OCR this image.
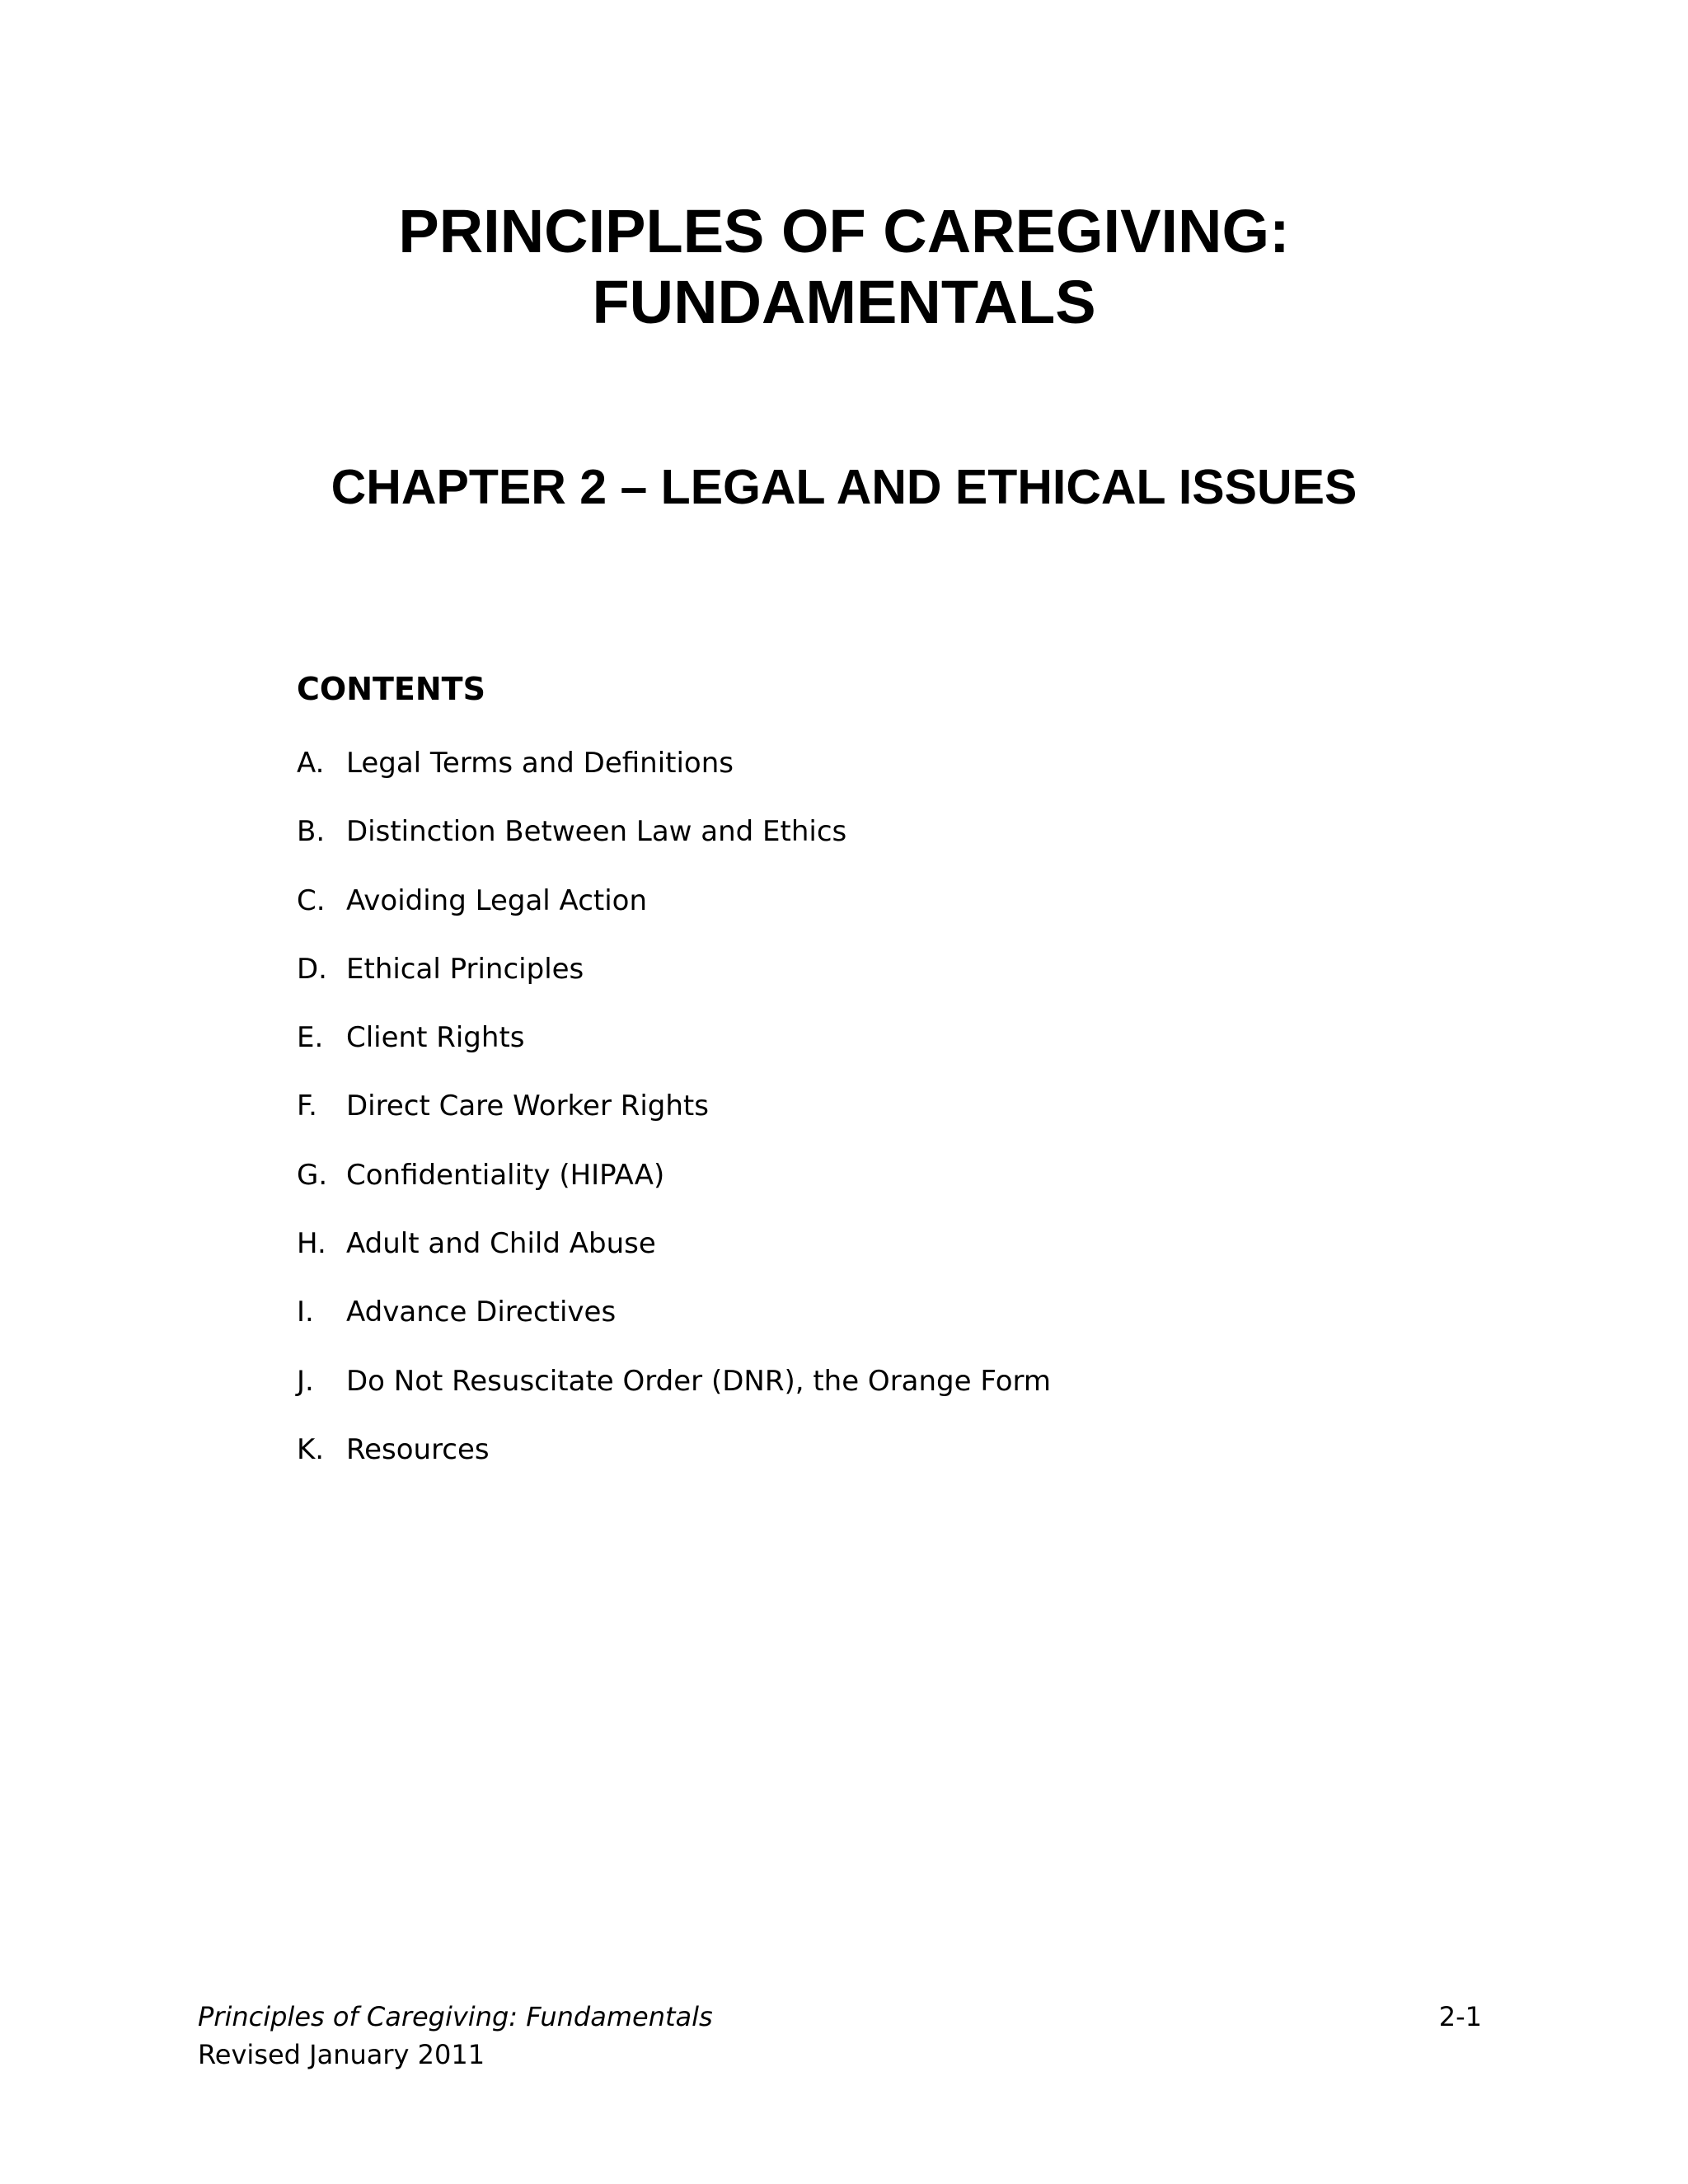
PRINCIPLES OF CAREGIVING:
FUNDAMENTALS
CHAPTER 2 – LEGAL AND ETHICAL ISSUES
CONTENTS
A. Legal Terms and Definitions
B. Distinction Between Law and Ethics
C. Avoiding Legal Action
D. Ethical Principles
E. Client Rights
F.	Direct Care Worker Rights
G. Confidentiality (HIPAA)
H. Adult and Child Abuse
I.	Advance Directives
J.	Do Not Resuscitate Order (DNR), the Orange Form
K. Resources
Principles of Caregiving: Fundamentals
Revised January 2011
2-1
